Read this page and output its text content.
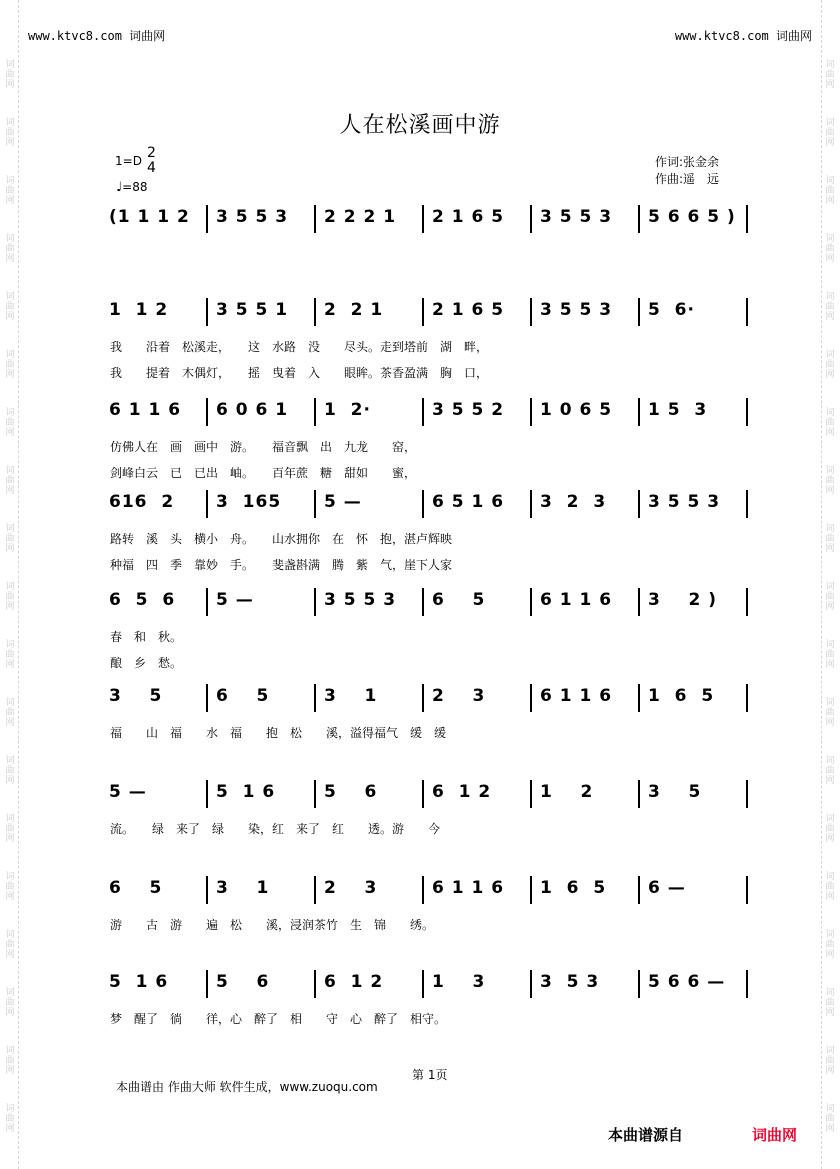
www.ktvc8.com 词曲网	www.ktvc8.com 词曲网
人在松溪画中游
1=D 2
4
♩=88
作词:张金余
作曲:遥　远
(1 1 1 2 3 5 5 3 2 2 2 1 2 1 6 5 3 5 5 3 5 6 6 5 )
1  1 2	3 5 5 1 2  2 1	2 1 6 5 3 5 5 3 5  6·
我　　沿着　松溪走，　　这　水路　没　　尽头。走到塔前　湖　畔，
我　　提着　木偶灯，　　摇　曳着　入　　眼眸。茶香盈满　胸　口，
6 1 1 6 6 0 6 1 1  2·	3 5 5 2 1 0 6 5 1 5  3
仿佛人在　画　画中　游。　　福音飘　出　九龙　　窑，
剑峰白云　已　已出　岫。　　百年蔗　糖　甜如　　蜜，
616  2 3  165	5 —	6 5 1 6 3  2  3 3 5 5 3
路转　溪　头　横小　舟。　　山水拥你　在　怀　抱，湛卢辉映
种福　四　季　靠妙　手。　　斐盏斟满　腾　紫　气，崖下人家
6  5  6 5 —	3 5 5 3 6    5	6 1 1 6 3    2 )
春　和　秋。
酿　乡　愁。
3    5	6    5	3    1	2    3	6 1 1 6 1  6  5
福　　山　福　　水　福　　抱　松　　溪，溢得福气　缓　缓
5 —	5  1 6	5    6	6  1 2	1    2	3    5
流。　　绿　来了　绿　　染，红　来了　红　　透。游　　今
6    5	3    1	2    3	6 1 1 6 1  6  5 6 —
游　　古　游　　遍　松　　溪，浸润茶竹　生　锦　　绣。
5  1 6	5    6	6  1 2	1    3	3  5 3	5 6 6 —
梦　醒了　徜　　徉，心　醉了　相　　守　心　醉了　相守。
第 1页
本曲谱由 作曲大师 软件生成，www.zuoqu.com
本曲谱源自	词曲网
词
曲
网
词
曲
网
词
曲
网
词
曲
网
词
曲
网
词
曲
网
词
曲
网
词
曲
网
词
曲
网
词
曲
网
词
曲
网
词
曲
网
词
曲
网
词
曲
网
词
曲
网
词
曲
网
词
曲
网
词
曲
网
词
曲
网
词
曲
网
词
曲
网
词
曲
网
词
曲
网
词
曲
网
词
曲
网
词
曲
网
词
曲
网
词
曲
网
词
曲
网
词
曲
网
词
曲
网
词
曲
网
词
曲
网
词
曲
网
词
曲
网
词
曲
网
词
曲
网
词
曲
网
